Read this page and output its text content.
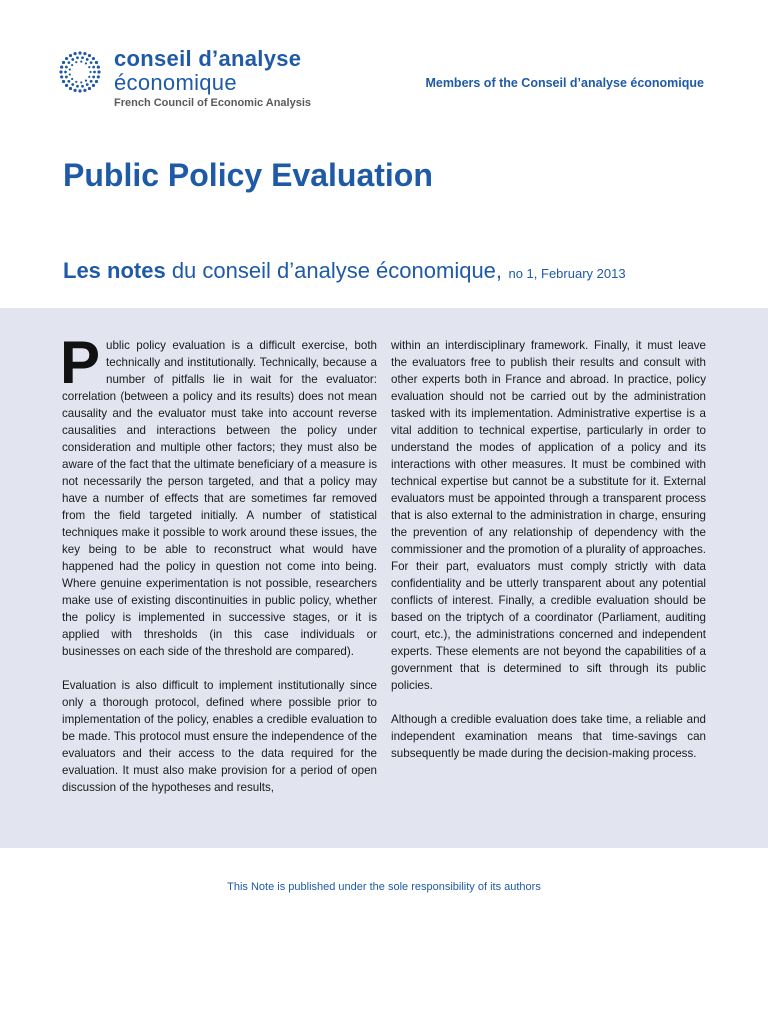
conseil d’analyse
économique
French Council of Economic Analysis
Members of the Conseil d’analyse économique
Public Policy Evaluation
Les notes du conseil d’analyse économique, no 1, February 2013

Public policy evaluation is a difficult exercise, both technically and institutionally. Technically, because a number of pitfalls lie in wait for the evaluator: correlation (between a policy and its results) does not mean causality and the evaluator must take into account reverse causalities and interactions between the policy under consideration and multiple other factors; they must also be aware of the fact that the ultimate beneficiary of a measure is not necessarily the person targeted, and that a policy may have a number of effects that are sometimes far removed from the field targeted initially. A number of statistical techniques make it possible to work around these issues, the key being to be able to reconstruct what would have happened had the policy in question not come into being. Where genuine experimentation is not possible, researchers make use of existing discontinuities in public policy, whether the policy is implemented in successive stages, or it is applied with thresholds (in this case individuals or businesses on each side of the threshold are compared).

Evaluation is also difficult to implement institutionally since only a thorough protocol, defined where possible prior to implementation of the policy, enables a credible evaluation to be made. This protocol must ensure the independence of the evaluators and their access to the data required for the evaluation. It must also make provision for a period of open discussion of the hypotheses and results,

within an interdisciplinary framework. Finally, it must leave the evaluators free to publish their results and consult with other experts both in France and abroad. In practice, policy evaluation should not be carried out by the administration tasked with its implementation. Administrative expertise is a vital addition to technical expertise, particularly in order to understand the modes of application of a policy and its interactions with other measures. It must be combined with technical expertise but cannot be a substitute for it. External evaluators must be appointed through a transparent process that is also external to the administration in charge, ensuring the prevention of any relationship of dependency with the commissioner and the promotion of a plurality of approaches. For their part, evaluators must comply strictly with data confidentiality and be utterly transparent about any potential conflicts of interest. Finally, a credible evaluation should be based on the triptych of a coordinator (Parliament, auditing court, etc.), the administrations concerned and independent experts. These elements are not beyond the capabilities of a government that is determined to sift through its public policies.

Although a credible evaluation does take time, a reliable and independent examination means that time-savings can subsequently be made during the decision-making process.

This Note is published under the sole responsibility of its authors
